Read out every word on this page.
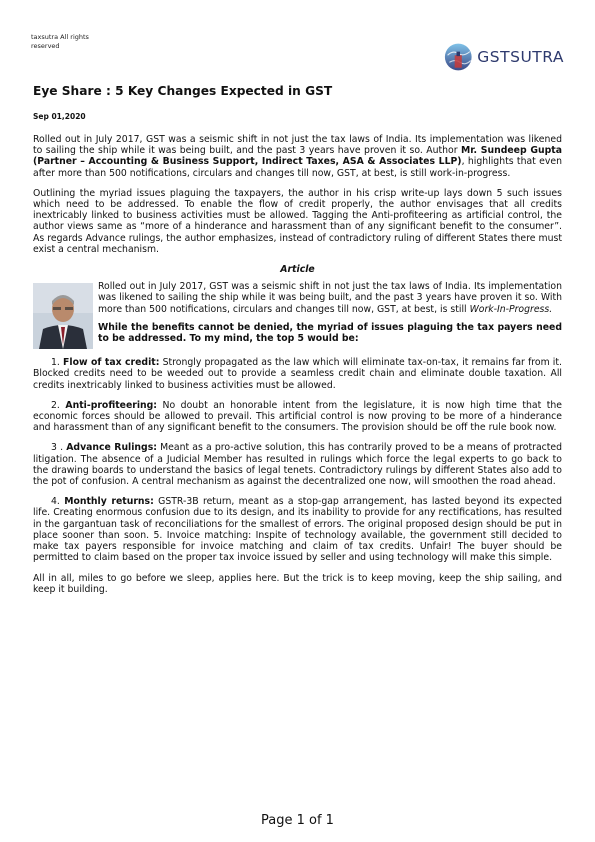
taxsutra All rights reserved
GSTSUTRA
Eye Share : 5 Key Changes Expected in GST
Sep 01,2020

Rolled out in July 2017, GST was a seismic shift in not just the tax laws of India. Its implementation was likened to sailing the ship while it was being built, and the past 3 years have proven it so. Author Mr. Sundeep Gupta (Partner – Accounting & Business Support, Indirect Taxes, ASA & Associates LLP), highlights that even after more than 500 notifications, circulars and changes till now, GST, at best, is still work-in-progress.

Outlining the myriad issues plaguing the taxpayers, the author in his crisp write-up lays down 5 such issues which need to be addressed. To enable the flow of credit properly, the author envisages that all credits inextricably linked to business activities must be allowed. Tagging the Anti-profiteering as artificial control, the author views same as “more of a hinderance and harassment than of any significant benefit to the consumer”. As regards Advance rulings, the author emphasizes, instead of contradictory ruling of different States there must exist a central mechanism.

Article

Rolled out in July 2017, GST was a seismic shift in not just the tax laws of India. Its implementation was likened to sailing the ship while it was being built, and the past 3 years have proven it so. With more than 500 notifications, circulars and changes till now, GST, at best, is still Work-In-Progress.

While the benefits cannot be denied, the myriad of issues plaguing the tax payers need to be addressed. To my mind, the top 5 would be:

1. Flow of tax credit: Strongly propagated as the law which will eliminate tax-on-tax, it remains far from it. Blocked credits need to be weeded out to provide a seamless credit chain and eliminate double taxation. All credits inextricably linked to business activities must be allowed.

2. Anti-profiteering: No doubt an honorable intent from the legislature, it is now high time that the economic forces should be allowed to prevail. This artificial control is now proving to be more of a hinderance and harassment than of any significant benefit to the consumers. The provision should be off the rule book now.

3 . Advance Rulings: Meant as a pro-active solution, this has contrarily proved to be a means of protracted litigation. The absence of a Judicial Member has resulted in rulings which force the legal experts to go back to the drawing boards to understand the basics of legal tenets. Contradictory rulings by different States also add to the pot of confusion. A central mechanism as against the decentralized one now, will smoothen the road ahead.

4. Monthly returns: GSTR-3B return, meant as a stop-gap arrangement, has lasted beyond its expected life. Creating enormous confusion due to its design, and its inability to provide for any rectifications, has resulted in the gargantuan task of reconciliations for the smallest of errors. The original proposed design should be put in place sooner than soon. 5. Invoice matching: Inspite of technology available, the government still decided to make tax payers responsible for invoice matching and claim of tax credits. Unfair! The buyer should be permitted to claim based on the proper tax invoice issued by seller and using technology will make this simple.

All in all, miles to go before we sleep, applies here. But the trick is to keep moving, keep the ship sailing, and keep it building.

Page 1 of 1
